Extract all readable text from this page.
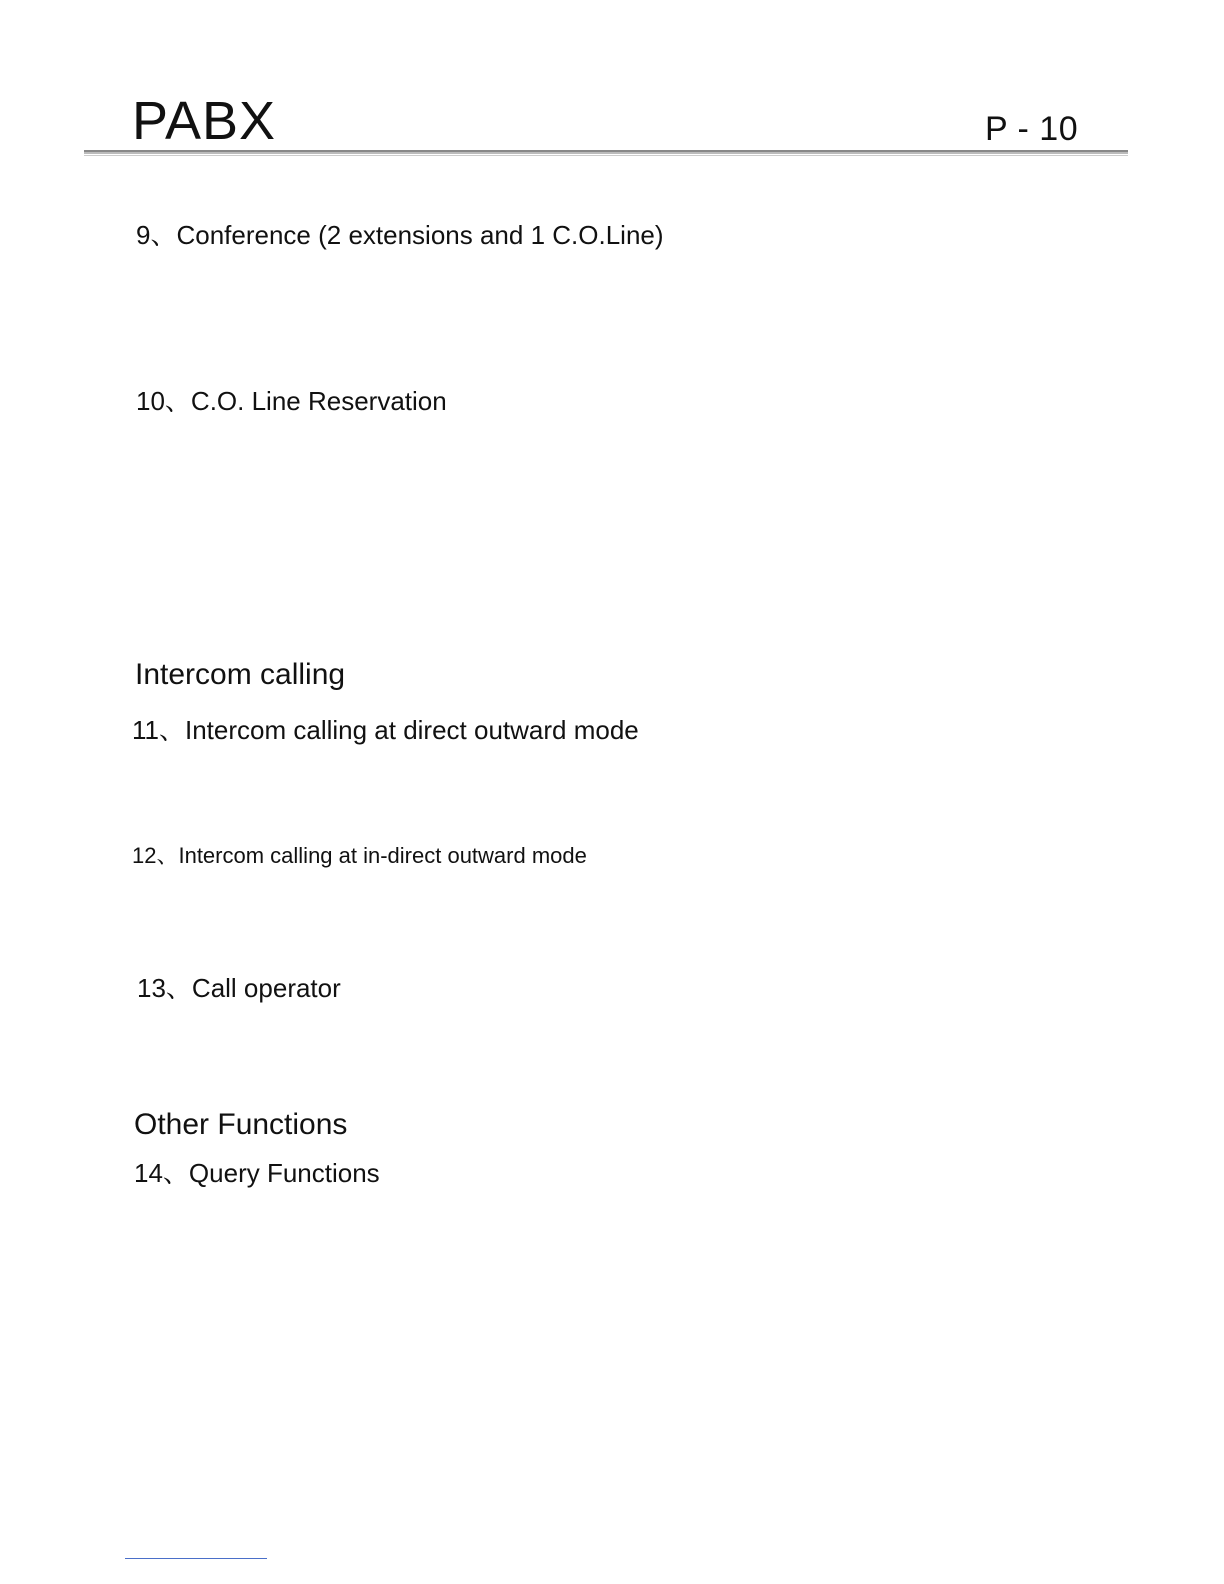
PABX	P - 10
9、Conference (2 extensions and 1 C.O.Line)
10、C.O. Line Reservation
Intercom calling
11、Intercom calling at direct outward mode
12、Intercom calling at in-direct outward mode
13、Call operator
Other Functions
14、Query Functions
